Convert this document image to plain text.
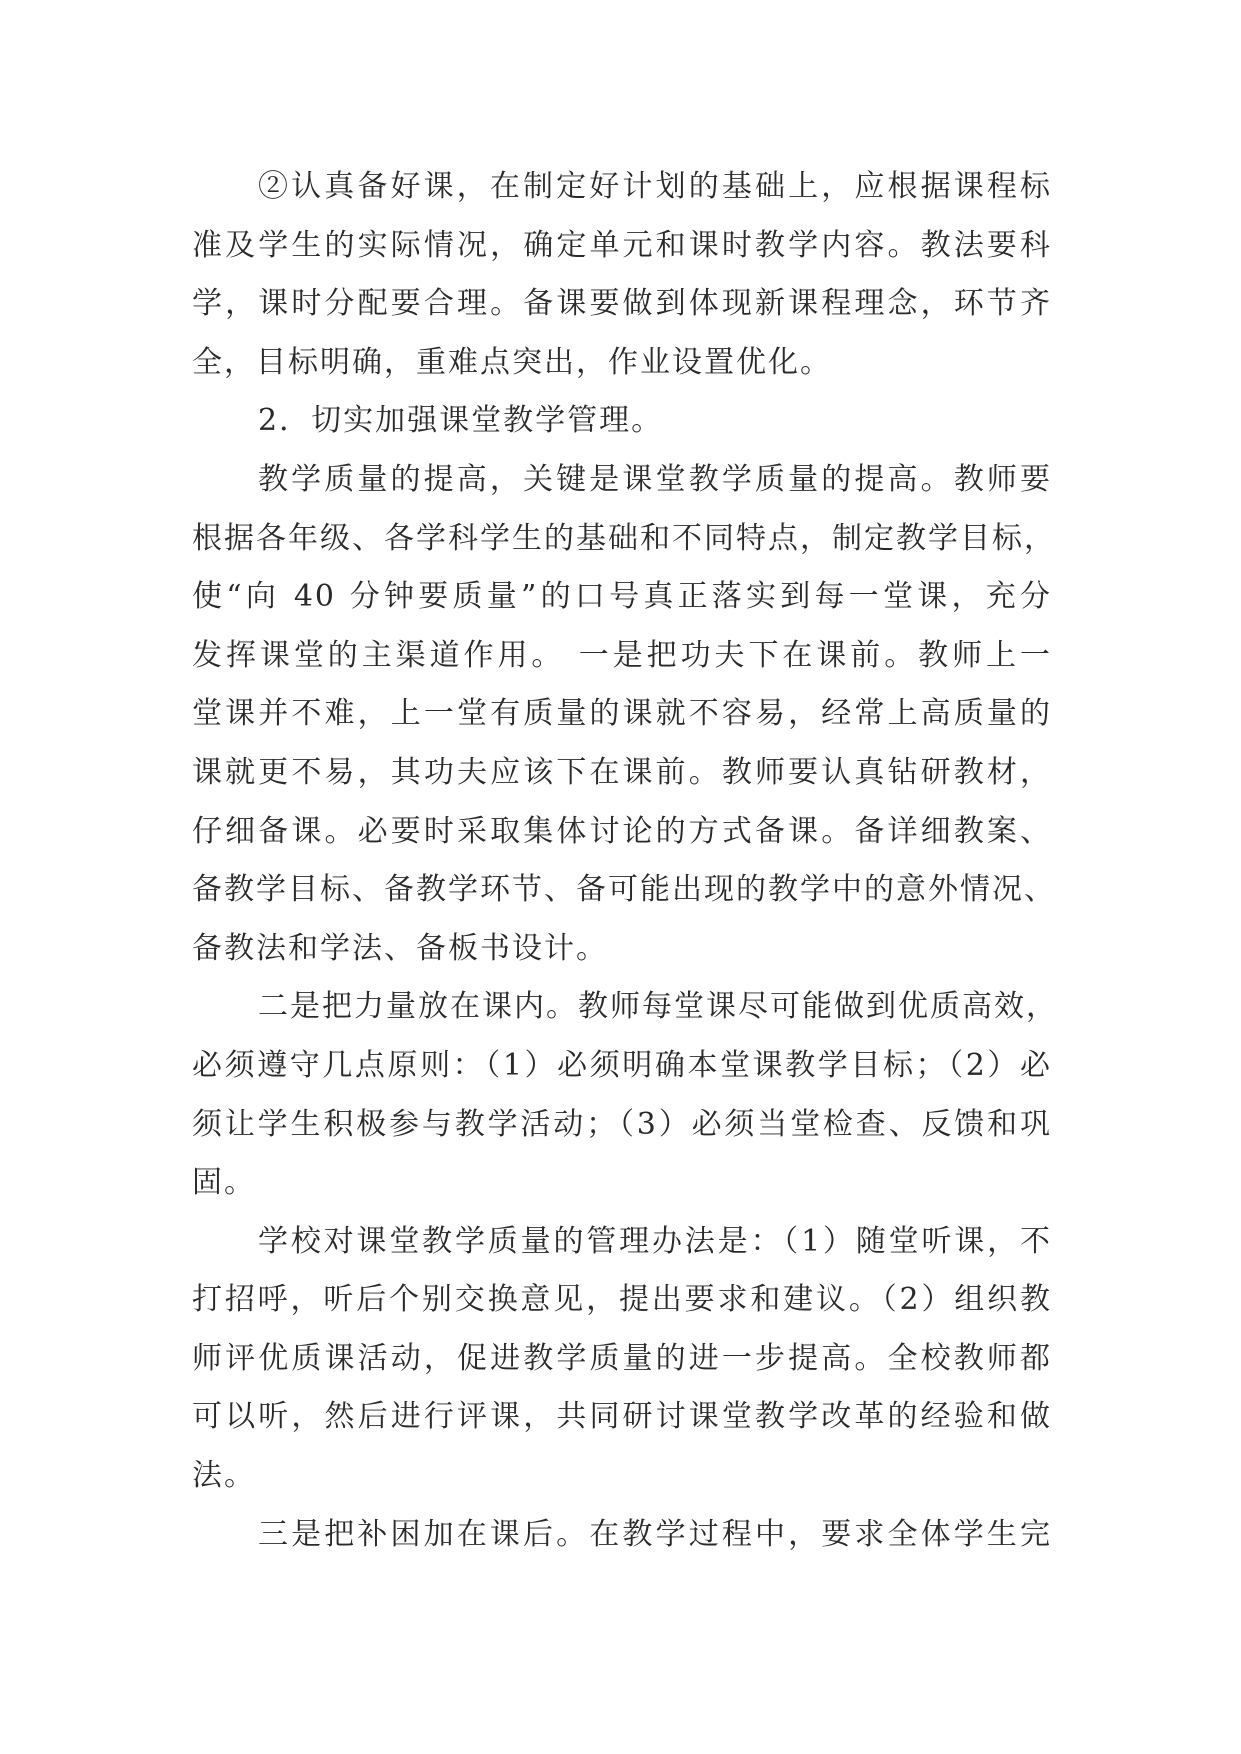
②认真备好课，在制定好计划的基础上，应根据课程标
准及学生的实际情况，确定单元和课时教学内容。教法要科
学，课时分配要合理。备课要做到体现新课程理念，环节齐
全，目标明确，重难点突出，作业设置优化。
2．切实加强课堂教学管理。
教学质量的提高，关键是课堂教学质量的提高。教师要
根据各年级、各学科学生的基础和不同特点，制定教学目标，
使“向 40 分钟要质量”的口号真正落实到每一堂课，充分
发挥课堂的主渠道作用。 一是把功夫下在课前。教师上一
堂课并不难，上一堂有质量的课就不容易，经常上高质量的
课就更不易，其功夫应该下在课前。教师要认真钻研教材，
仔细备课。必要时采取集体讨论的方式备课。备详细教案、
备教学目标、备教学环节、备可能出现的教学中的意外情况、
备教法和学法、备板书设计。
二是把力量放在课内。教师每堂课尽可能做到优质高效，
必须遵守几点原则：（1）必须明确本堂课教学目标；（2）必
须让学生积极参与教学活动；（3）必须当堂检查、反馈和巩
固。
学校对课堂教学质量的管理办法是：（1）随堂听课，不
打招呼，听后个别交换意见，提出要求和建议。（2）组织教
师评优质课活动，促进教学质量的进一步提高。全校教师都
可以听，然后进行评课，共同研讨课堂教学改革的经验和做
法。
三是把补困加在课后。在教学过程中，要求全体学生完
